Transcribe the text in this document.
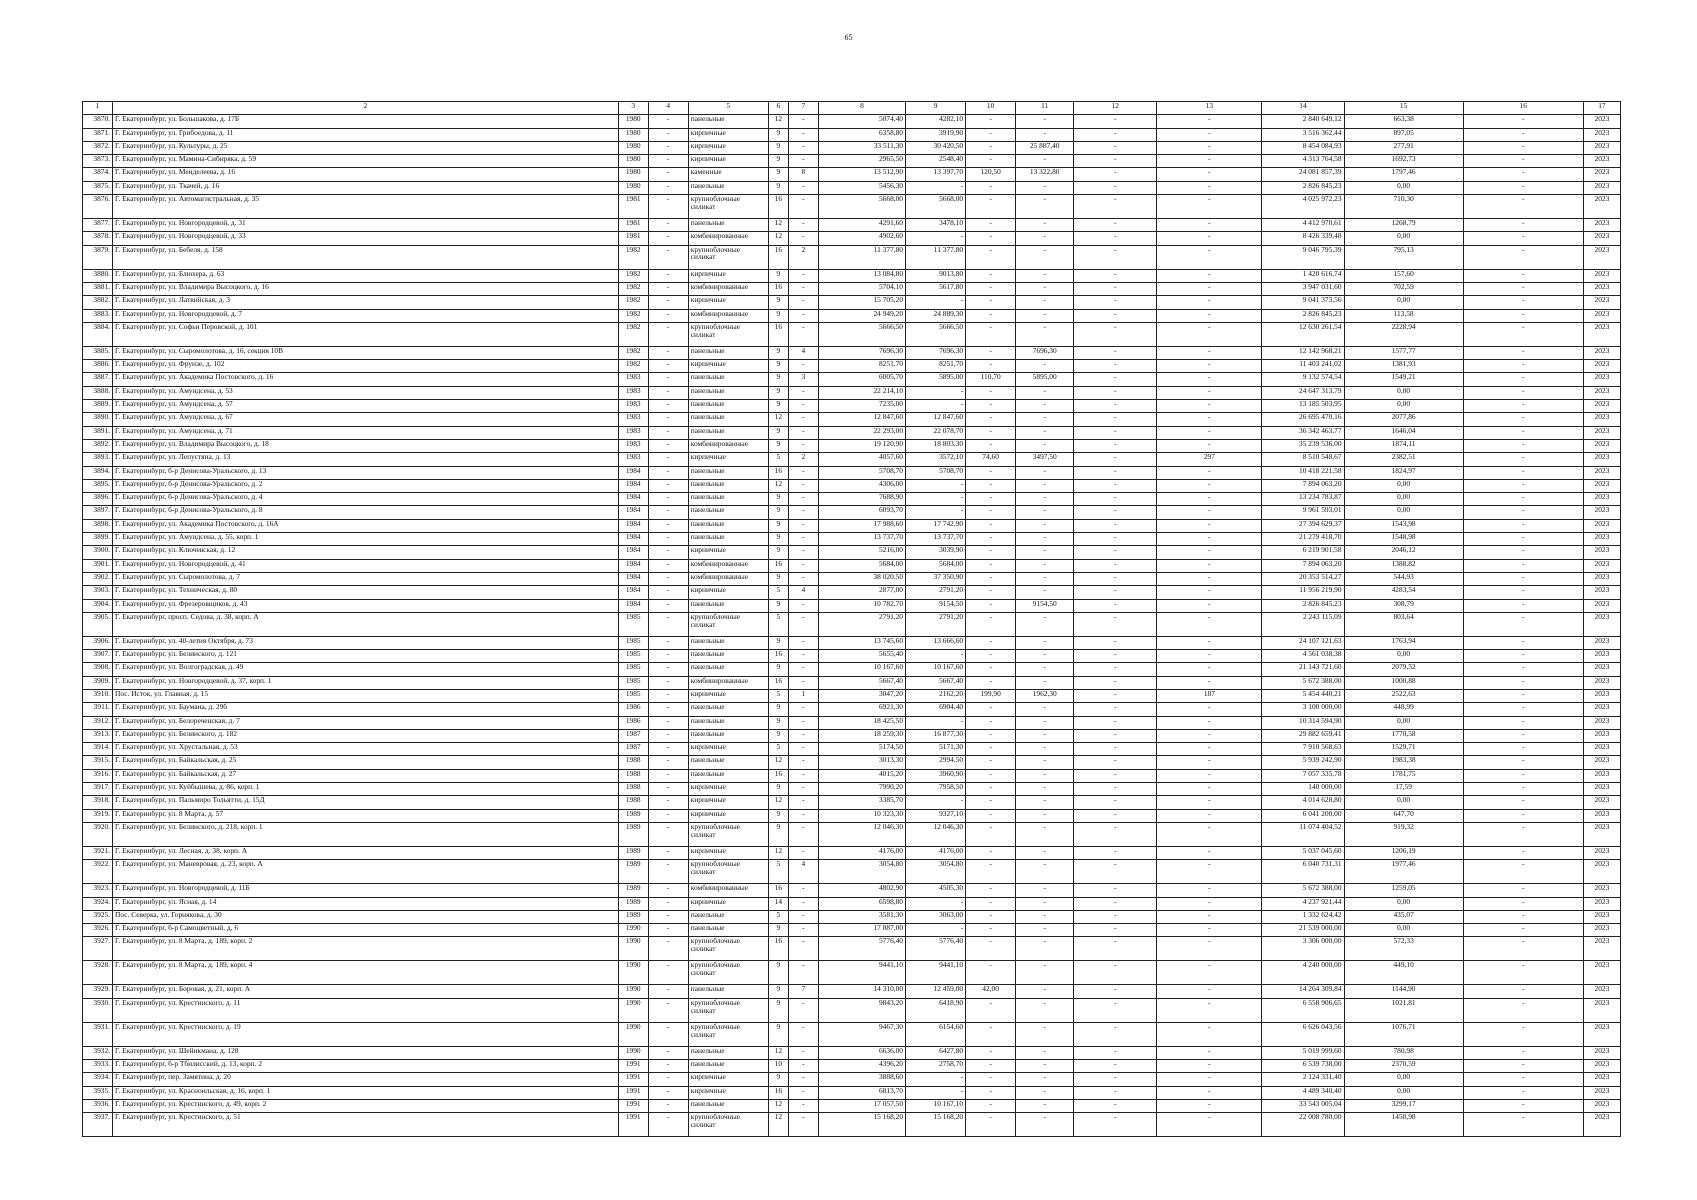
65
1	2	3	4	5	6	7	8	9	10	11	12	13	14	15	16	17
3870.	Г. Екатеринбург, ул. Большакова, д. 17Б	1980	-	панельные	12	-	5074,40	4282,10	-	-	-	-	2 840 649,12	663,38	-	2023
3871.	Г. Екатеринбург, ул. Грибоедова, д. 11	1980	-	кирпичные	9	-	6358,80	3919,90	-	-	-	-	3 516 362,44	897,05	-	2023
3872.	Г. Екатеринбург, ул. Культуры, д. 25	1980	-	кирпичные	9	-	33 511,30	30 420,50	-	25 887,40	-	-	8 454 084,93	277,91	-	2023
3873.	Г. Екатеринбург, ул. Мамина-Сибиряка, д. 59	1980	-	кирпичные	9	-	2965,50	2548,40	-	-	-	-	4 313 764,58	1692,73	-	2023
3874.	Г. Екатеринбург, ул. Менделеева, д. 16	1980	-	каменные	9	8	13 512,90	13 397,70	120,50	13 322,80	-	-	24 081 857,39	1797,46	-	2023
3875.	Г. Екатеринбург, ул. Ткачей, д. 16	1980	-	панельные	9	-	5456,30	-	-	-	-	-	2 826 845,23	0,00	-	2023
3876.	Г. Екатеринбург, ул. Автомагистральная, д. 35	1981	-	крупноблочные силикат	16	-	5668,00	5668,00	-	-	-	-	4 025 972,23	710,30	-	2023
3877.	Г. Екатеринбург, ул. Новгородцевой, д. 31	1981	-	панельные	12	-	4291,60	3478,10	-	-	-	-	4 412 970,61	1268,79	-	2023
3878.	Г. Екатеринбург, ул. Новгородцевой, д. 33	1981	-	комбинированные	12	-	4902,60	-	-	-	-	-	8 426 339,48	0,00	-	2023
3879.	Г. Екатеринбург, ул. Бебеля, д. 158	1982	-	крупноблочные силикат	16	2	11 377,80	11 377,80	-	-	-	-	9 046 795,39	795,13	-	2023
3880.	Г. Екатеринбург, ул. Блюхера, д. 63	1982	-	кирпичные	9	-	13 084,80	9013,80	-	-	-	-	1 420 616,74	157,60	-	2023
3881.	Г. Екатеринбург, ул. Владимира Высоцкого, д. 16	1982	-	комбинированные	16	-	5704,10	5617,80	-	-	-	-	3 947 031,60	702,59	-	2023
3882.	Г. Екатеринбург, ул. Латвийская, д. 3	1982	-	кирпичные	9	-	15 705,20	-	-	-	-	-	9 041 373,56	0,00	-	2023
3883.	Г. Екатеринбург, ул. Новгородцевой, д. 7	1982	-	комбинированные	9	-	24 949,20	24 889,30	-	-	-	-	2 826 845,23	113,58	-	2023
3884.	Г. Екатеринбург, ул. Софьи Перовской, д. 101	1982	-	крупноблочные силикат	16	-	5666,50	5666,50	-	-	-	-	12 630 261,54	2228,94	-	2023
3885.	Г. Екатеринбург, ул. Сыромолотова, д. 16, секция 10В	1982	-	панельные	9	4	7696,30	7696,30	-	7696,30	-	-	12 142 968,21	1577,77	-	2023
3886.	Г. Екатеринбург, ул. Фрунзе, д. 102	1982	-	кирпичные	9	-	8251,70	8251,70	-	-	-	-	11 403 241,02	1381,93	-	2023
3887.	Г. Екатеринбург, ул. Академика Постовского, д. 16	1983	-	панельные	9	3	6005,70	5895,00	110,70	5895,00	-	-	9 132 574,54	1549,21	-	2023
3888.	Г. Екатеринбург, ул. Амундсена, д. 53	1983	-	панельные	9	-	22 214,10	-	-	-	-	-	24 647 313,79	0,00	-	2023
3889.	Г. Екатеринбург, ул. Амундсена, д. 57	1983	-	панельные	9	-	7235,00	-	-	-	-	-	13 185 503,95	0,00	-	2023
3890.	Г. Екатеринбург, ул. Амундсена, д. 67	1983	-	панельные	12	-	12 847,60	12 847,60	-	-	-	-	26 695 470,16	2077,86	-	2023
3891.	Г. Екатеринбург, ул. Амундсена, д. 71	1983	-	панельные	9	-	22 293,00	22 078,70	-	-	-	-	36 342 463,77	1646,04	-	2023
3892.	Г. Екатеринбург, ул. Владимира Высоцкого, д. 18	1983	-	комбинированные	9	-	19 120,90	18 803,30	-	-	-	-	35 239 536,00	1874,11	-	2023
3893.	Г. Екатеринбург, ул. Лепустяна, д. 13	1983	-	кирпичные	5	2	4057,60	3572,10	74,60	3497,50	-	297	8 510 548,67	2382,51	-	2023
3894.	Г. Екатеринбург, б-р Денисова-Уральского, д. 13	1984	-	панельные	16	-	5708,70	5708,70	-	-	-	-	10 418 221,58	1824,97	-	2023
3895.	Г. Екатеринбург, б-р Денисова-Уральского, д. 2	1984	-	панельные	12	-	4306,00	-	-	-	-	-	7 894 063,20	0,00	-	2023
3896.	Г. Екатеринбург, б-р Денисова-Уральского, д. 4	1984	-	панельные	9	-	7688,90	-	-	-	-	-	13 234 783,87	0,00	-	2023
3897.	Г. Екатеринбург, б-р Денисова-Уральского, д. 8	1984	-	панельные	9	-	6093,70	-	-	-	-	-	9 961 593,01	0,00	-	2023
3898.	Г. Екатеринбург, ул. Академика Постовского, д. 16А	1984	-	панельные	9	-	17 988,60	17 742,90	-	-	-	-	27 394 629,37	1543,98	-	2023
3899.	Г. Екатеринбург, ул. Амундсена, д. 55, корп. 1	1984	-	панельные	9	-	13 737,70	13 737,70	-	-	-	-	21 279 418,70	1548,98	-	2023
3900.	Г. Екатеринбург, ул. Ключевская, д. 12	1984	-	кирпичные	9	-	5216,00	3039,90	-	-	-	-	6 219 901,58	2046,12	-	2023
3901.	Г. Екатеринбург, ул. Новгородцевой, д. 41	1984	-	комбинированные	16	-	5684,00	5684,00	-	-	-	-	7 894 063,20	1388,82	-	2023
3902.	Г. Екатеринбург, ул. Сыромолотова, д. 7	1984	-	комбинированные	9	-	38 020,50	37 350,90	-	-	-	-	20 353 514,27	544,93	-	2023
3903.	Г. Екатеринбург, ул. Техническая, д. 80	1984	-	кирпичные	5	4	2877,00	2791,20	-	-	-	-	11 956 219,90	4283,54	-	2023
3904.	Г. Екатеринбург, ул. Фрезеровщиков, д. 43	1984	-	панельные	9	-	10 782,70	9154,50	-	9154,50	-	-	2 826 845,23	308,79	-	2023
3905.	Г. Екатеринбург, просп. Седова, д. 38, корп. А	1985	-	крупноблочные силикат	5	-	2791,20	2791,20	-	-	-	-	2 243 115,09	803,64	-	2023
3906.	Г. Екатеринбург, ул. 40-летия Октября, д. 73	1985	-	панельные	9	-	13 745,60	13 666,60	-	-	-	-	24 107 121,63	1763,94	-	2023
3907.	Г. Екатеринбург, ул. Белинского, д. 121	1985	-	панельные	16	-	5655,40	-	-	-	-	-	4 561 038,38	0,00	-	2023
3908.	Г. Екатеринбург, ул. Волгоградская, д. 49	1985	-	панельные	9	-	10 167,60	10 167,60	-	-	-	-	21 143 721,60	2079,52	-	2023
3909.	Г. Екатеринбург, ул. Новгородцевой, д. 37, корп. 1	1985	-	комбинированные	16	-	5667,40	5667,40	-	-	-	-	5 672 388,00	1000,88	-	2023
3910.	Пос. Исток, ул. Главная, д. 15	1985	-	кирпичные	5	1	3047,20	2162,20	199,90	1962,30	-	187	5 454 440,21	2522,63	-	2023
3911.	Г. Екатеринбург, ул. Баумана, д. 29б	1986	-	панельные	9	-	6921,30	6904,40	-	-	-	-	3 100 000,00	448,99	-	2023
3912.	Г. Екатеринбург, ул. Белореченская, д. 7	1986	-	панельные	9	-	18 425,50	-	-	-	-	-	10 314 594,90	0,00	-	2023
3913.	Г. Екатеринбург, ул. Белинского, д. 182	1987	-	панельные	9	-	18 259,30	16 877,30	-	-	-	-	29 882 659,41	1770,58	-	2023
3914.	Г. Екатеринбург, ул. Хрустальная, д. 53	1987	-	кирпичные	5	-	5174,50	5171,30	-	-	-	-	7 910 568,63	1529,71	-	2023
3915.	Г. Екатеринбург, ул. Байкальская, д. 25	1988	-	панельные	12	-	3013,30	2994,50	-	-	-	-	5 939 242,90	1983,38	-	2023
3916.	Г. Екатеринбург, ул. Байкальская, д. 27	1988	-	панельные	16	-	4015,20	3960,90	-	-	-	-	7 057 335,78	1781,75	-	2023
3917.	Г. Екатеринбург, ул. Куйбышева, д. 86, корп. 1	1988	-	кирпичные	9	-	7990,20	7958,50	-	-	-	-	140 000,00	17,59	-	2023
3918.	Г. Екатеринбург, ул. Пальмиро Тольятти, д. 15Д	1988	-	кирпичные	12	-	3385,70	-	-	-	-	-	4 014 628,80	0,00	-	2023
3919.	Г. Екатеринбург, ул. 8 Марта, д. 57	1989	-	кирпичные	9	-	10 323,30	9327,10	-	-	-	-	6 041 200,00	647,70	-	2023
3920.	Г. Екатеринбург, ул. Белинского, д. 218, корп. 1	1989	-	крупноблочные силикат	9	-	12 046,30	12 046,30	-	-	-	-	11 074 404,52	919,32	-	2023
3921.	Г. Екатеринбург, ул. Лесная, д. 38, корп. А	1989	-	кирпичные	12	-	4176,00	4176,00	-	-	-	-	5 037 045,60	1206,19	-	2023
3922.	Г. Екатеринбург, ул. Маневровая, д. 23, корп. А	1989	-	крупноблочные силикат	5	4	3054,80	3054,80	-	-	-	-	6 040 731,31	1977,46	-	2023
3923.	Г. Екатеринбург, ул. Новгородцевой, д. 11Б	1989	-	комбинированные	16	-	4802,90	4505,30	-	-	-	-	5 672 388,00	1259,05	-	2023
3924.	Г. Екатеринбург, ул. Ясная, д. 14	1989	-	кирпичные	14	-	6598,80	-	-	-	-	-	4 237 921,44	0,00	-	2023
3925.	Пос. Северка, ул. Горнякова, д. 30	1989	-	панельные	5	-	3581,30	3063,00	-	-	-	-	1 332 624,42	435,07	-	2023
3926.	Г. Екатеринбург, б-р Самоцветный, д. 6	1990	-	панельные	9	-	17 887,00	-	-	-	-	-	21 539 000,00	0,00	-	2023
3927.	Г. Екатеринбург, ул. 8 Марта, д. 189, корп. 2	1990	-	крупноблочные силикат	16	-	5776,40	5776,40	-	-	-	-	3 306 000,00	572,33	-	2023
3928.	Г. Екатеринбург, ул. 8 Марта, д. 189, корп. 4	1990	-	крупноблочные силикат	9	-	9441,10	9441,10	-	-	-	-	4 240 000,00	449,10	-	2023
3929.	Г. Екатеринбург, ул. Боровая, д. 21, корп. А	1990	-	панельные	9	7	14 310,00	12 459,00	42,00	-	-	-	14 264 309,84	1144,90	-	2023
3930.	Г. Екатеринбург, ул. Крестинского, д. 11	1990	-	крупноблочные силикат	9	-	9843,20	6418,90	-	-	-	-	6 558 906,65	1021,81	-	2023
3931.	Г. Екатеринбург, ул. Крестинского, д. 19	1990	-	крупноблочные силикат	9	-	9467,30	6154,60	-	-	-	-	6 626 043,56	1076,71	-	2023
3932.	Г. Екатеринбург, ул. Шейнкмана, д. 128	1990	-	панельные	12	-	6636,00	6427,80	-	-	-	-	5 019 999,60	780,98	-	2023
3933.	Г. Екатеринбург, б-р Тбилисский, д. 13, корп. 2	1991	-	панельные	10	-	4396,20	2758,70	-	-	-	-	6 539 738,00	2370,59	-	2023
3934.	Г. Екатеринбург, пер. Замятина, д. 20	1991	-	кирпичные	9	-	3888,60	-	-	-	-	-	2 124 331,40	0,00	-	2023
3935.	Г. Екатеринбург, ул. Красноильская, д. 16, корп. 1	1991	-	кирпичные	16	-	6813,70	-	-	-	-	-	4 489 340,40	0,00	-	2023
3936.	Г. Екатеринбург, ул. Крестинского, д. 49, корп. 2	1991	-	панельные	12	-	17 057,50	10 167,10	-	-	-	-	33 543 005,04	3299,17	-	2023
3937.	Г. Екатеринбург, ул. Крестинского, д. 51	1991	-	крупноблочные силикат	12	-	15 168,20	15 168,20	-	-	-	-	22 008 780,00	1450,98	-	2023
